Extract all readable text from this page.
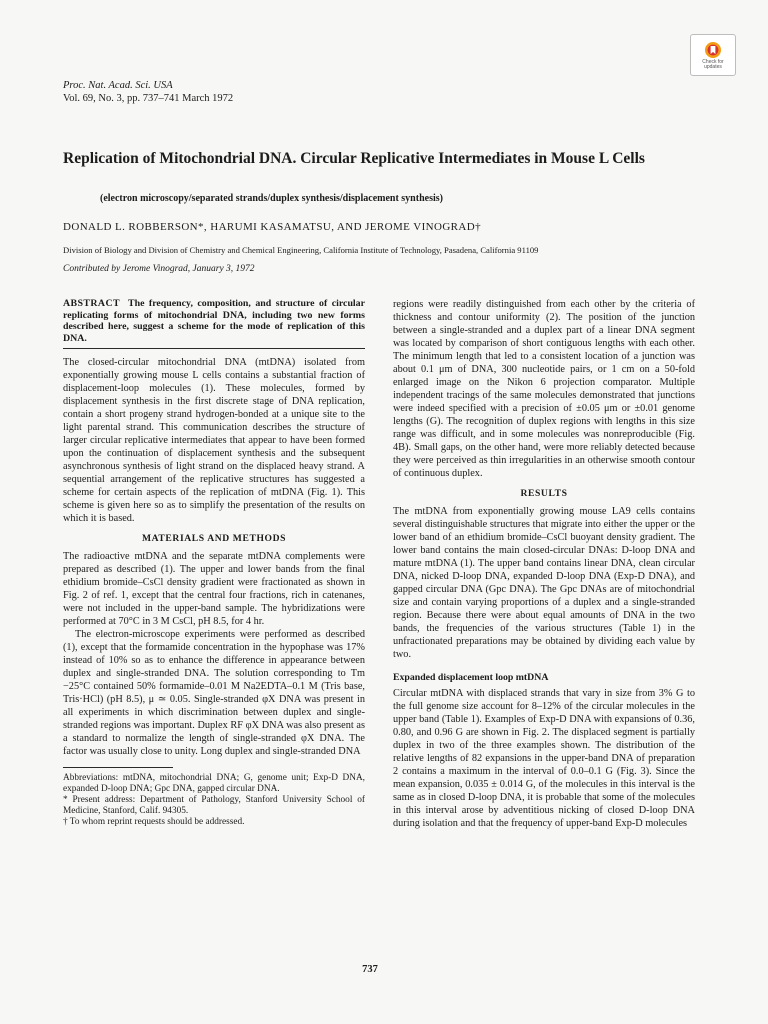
Check for
updates
Proc. Nat. Acad. Sci. USA
Vol. 69, No. 3, pp. 737–741 March 1972
Replication of Mitochondrial DNA. Circular Replicative Intermediates in Mouse L Cells
(electron microscopy/separated strands/duplex synthesis/displacement synthesis)
DONALD L. ROBBERSON*, HARUMI KASAMATSU, AND JEROME VINOGRAD†
Division of Biology and Division of Chemistry and Chemical Engineering, California Institute of Technology, Pasadena, California 91109
Contributed by Jerome Vinograd, January 3, 1972
ABSTRACT The frequency, composition, and structure of circular replicating forms of mitochondrial DNA, including two new forms described here, suggest a scheme for the mode of replication of this DNA.

The closed-circular mitochondrial DNA (mtDNA) isolated from exponentially growing mouse L cells contains a substantial fraction of displacement-loop molecules (1). These molecules, formed by displacement synthesis in the first discrete stage of DNA replication, contain a short progeny strand hydrogen-bonded at a unique site to the light parental strand. This communication describes the structure of larger circular replicative intermediates that appear to have been formed upon the continuation of displacement synthesis and the subsequent asynchronous synthesis of light strand on the displaced heavy strand. A sequential arrangement of the replicative structures has suggested a scheme for certain aspects of the replication of mtDNA (Fig. 1). This scheme is given here so as to simplify the presentation of the results on which it is based.

MATERIALS AND METHODS

The radioactive mtDNA and the separate mtDNA complements were prepared as described (1). The upper and lower bands from the final ethidium bromide–CsCl density gradient were fractionated as shown in Fig. 2 of ref. 1, except that the central four fractions, rich in catenanes, were not included in the upper-band sample. The hybridizations were performed at 70°C in 3 M CsCl, pH 8.5, for 4 hr.

The electron-microscope experiments were performed as described (1), except that the formamide concentration in the hypophase was 17% instead of 10% so as to enhance the difference in appearance between duplex and single-stranded DNA. The solution corresponding to Tm −25°C contained 50% formamide–0.01 M Na2EDTA–0.1 M (Tris base, Tris·HCl) (pH 8.5), μ ≃ 0.05. Single-stranded φX DNA was present in all experiments in which discrimination between duplex and single-stranded regions was important. Duplex RF φX DNA was also present as a standard to normalize the length of single-stranded φX DNA. The factor was usually close to unity. Long duplex and single-stranded DNA

Abbreviations: mtDNA, mitochondrial DNA; G, genome unit; Exp-D DNA, expanded D-loop DNA; Gpc DNA, gapped circular DNA.

* Present address: Department of Pathology, Stanford University School of Medicine, Stanford, Calif. 94305.

† To whom reprint requests should be addressed.

regions were readily distinguished from each other by the criteria of thickness and contour uniformity (2). The position of the junction between a single-stranded and a duplex part of a linear DNA segment was located by comparison of short contiguous lengths with each other. The minimum length that led to a consistent location of a junction was about 0.1 μm of DNA, 300 nucleotide pairs, or 1 cm on a 50-fold enlarged image on the Nikon 6 projection comparator. Multiple independent tracings of the same molecules demonstrated that junctions were indeed specified with a precision of ±0.05 μm or ±0.01 genome lengths (G). The recognition of duplex regions with lengths in this size range was difficult, and in some molecules was nonreproducible (Fig. 4B). Small gaps, on the other hand, were more reliably detected because they were perceived as thin irregularities in an otherwise smooth contour of continuous duplex.

RESULTS

The mtDNA from exponentially growing mouse LA9 cells contains several distinguishable structures that migrate into either the upper or the lower band of an ethidium bromide–CsCl buoyant density gradient. The lower band contains the main closed-circular DNAs: D-loop DNA and mature mtDNA (1). The upper band contains linear DNA, clean circular DNA, nicked D-loop DNA, expanded D-loop DNA (Exp-D DNA), and gapped circular DNA (Gpc DNA). The Gpc DNAs are of mitochondrial size and contain varying proportions of a duplex and a single-stranded region. Because there were about equal amounts of DNA in the two bands, the frequencies of the various structures (Table 1) in the unfractionated preparations may be obtained by dividing each value by two.

Expanded displacement loop mtDNA

Circular mtDNA with displaced strands that vary in size from 3% G to the full genome size account for 8–12% of the circular molecules in the upper band (Table 1). Examples of Exp-D DNA with expansions of 0.36, 0.80, and 0.96 G are shown in Fig. 2. The displaced segment is partially duplex in two of the three examples shown. The distribution of the relative lengths of 82 expansions in the upper-band DNA of preparation 2 contains a maximum in the interval of 0.0–0.1 G (Fig. 3). Since the mean expansion, 0.035 ± 0.014 G, of the molecules in this interval is the same as in closed D-loop DNA, it is probable that some of the molecules in this interval arose by adventitious nicking of closed D-loop DNA during isolation and that the frequency of upper-band Exp-D molecules

737
